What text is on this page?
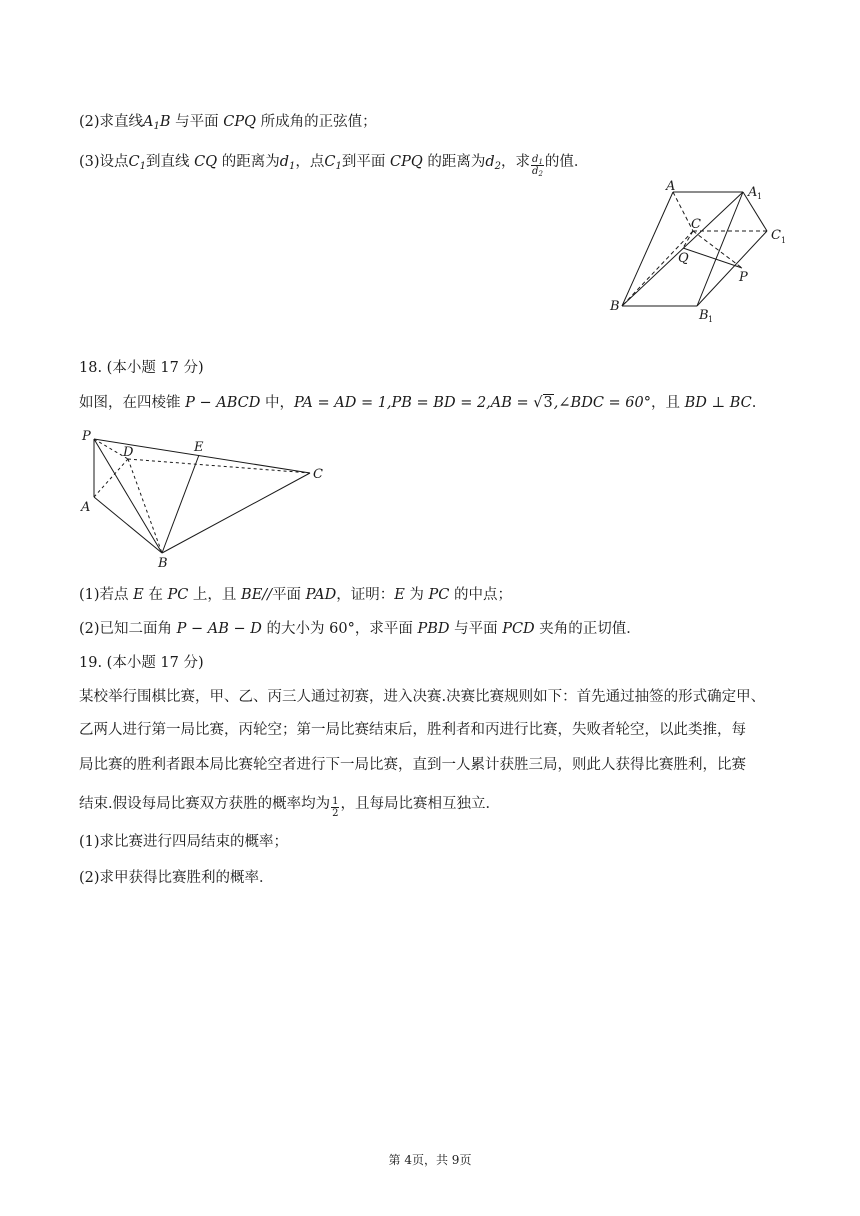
(2)求直线$A_1B$ 与平面 CPQ 所成角的正弦值；

(3)设点$C_1$到直线 CQ 的距离为$d_1$，点$C_1$到平面 CPQ 的距离为$d_2$，求 $\frac{d_1}{d_2}$ 的值．

A	A 1
C
C 1
Q
P
B
B 1

18. (本小题 17 分)

如图，在四棱锥 P − ABCD 中，PA = AD = 1,PB = BD = 2,AB = √3,∠BDC = 60°，且 BD ⊥ BC.

P
D	E
C
A
B

(1)若点 E 在 PC 上，且 BE//平面 PAD，证明：E 为 PC 的中点；

(2)已知二面角 P − AB − D 的大小为 60°，求平面 PBD 与平面 PCD 夹角的正切值．

19. (本小题 17 分)

某校举行围棋比赛，甲、乙、丙三人通过初赛，进入决赛.决赛比赛规则如下：首先通过抽签的形式确定甲、

乙两人进行第一局比赛，丙轮空；第一局比赛结束后，胜利者和丙进行比赛，失败者轮空，以此类推，每

局比赛的胜利者跟本局比赛轮空者进行下一局比赛，直到一人累计获胜三局，则此人获得比赛胜利，比赛

结束.假设每局比赛双方获胜的概率均为 $\frac{1}{2}$ ，且每局比赛相互独立．

(1)求比赛进行四局结束的概率；

(2)求甲获得比赛胜利的概率．

第 4页，共 9页
